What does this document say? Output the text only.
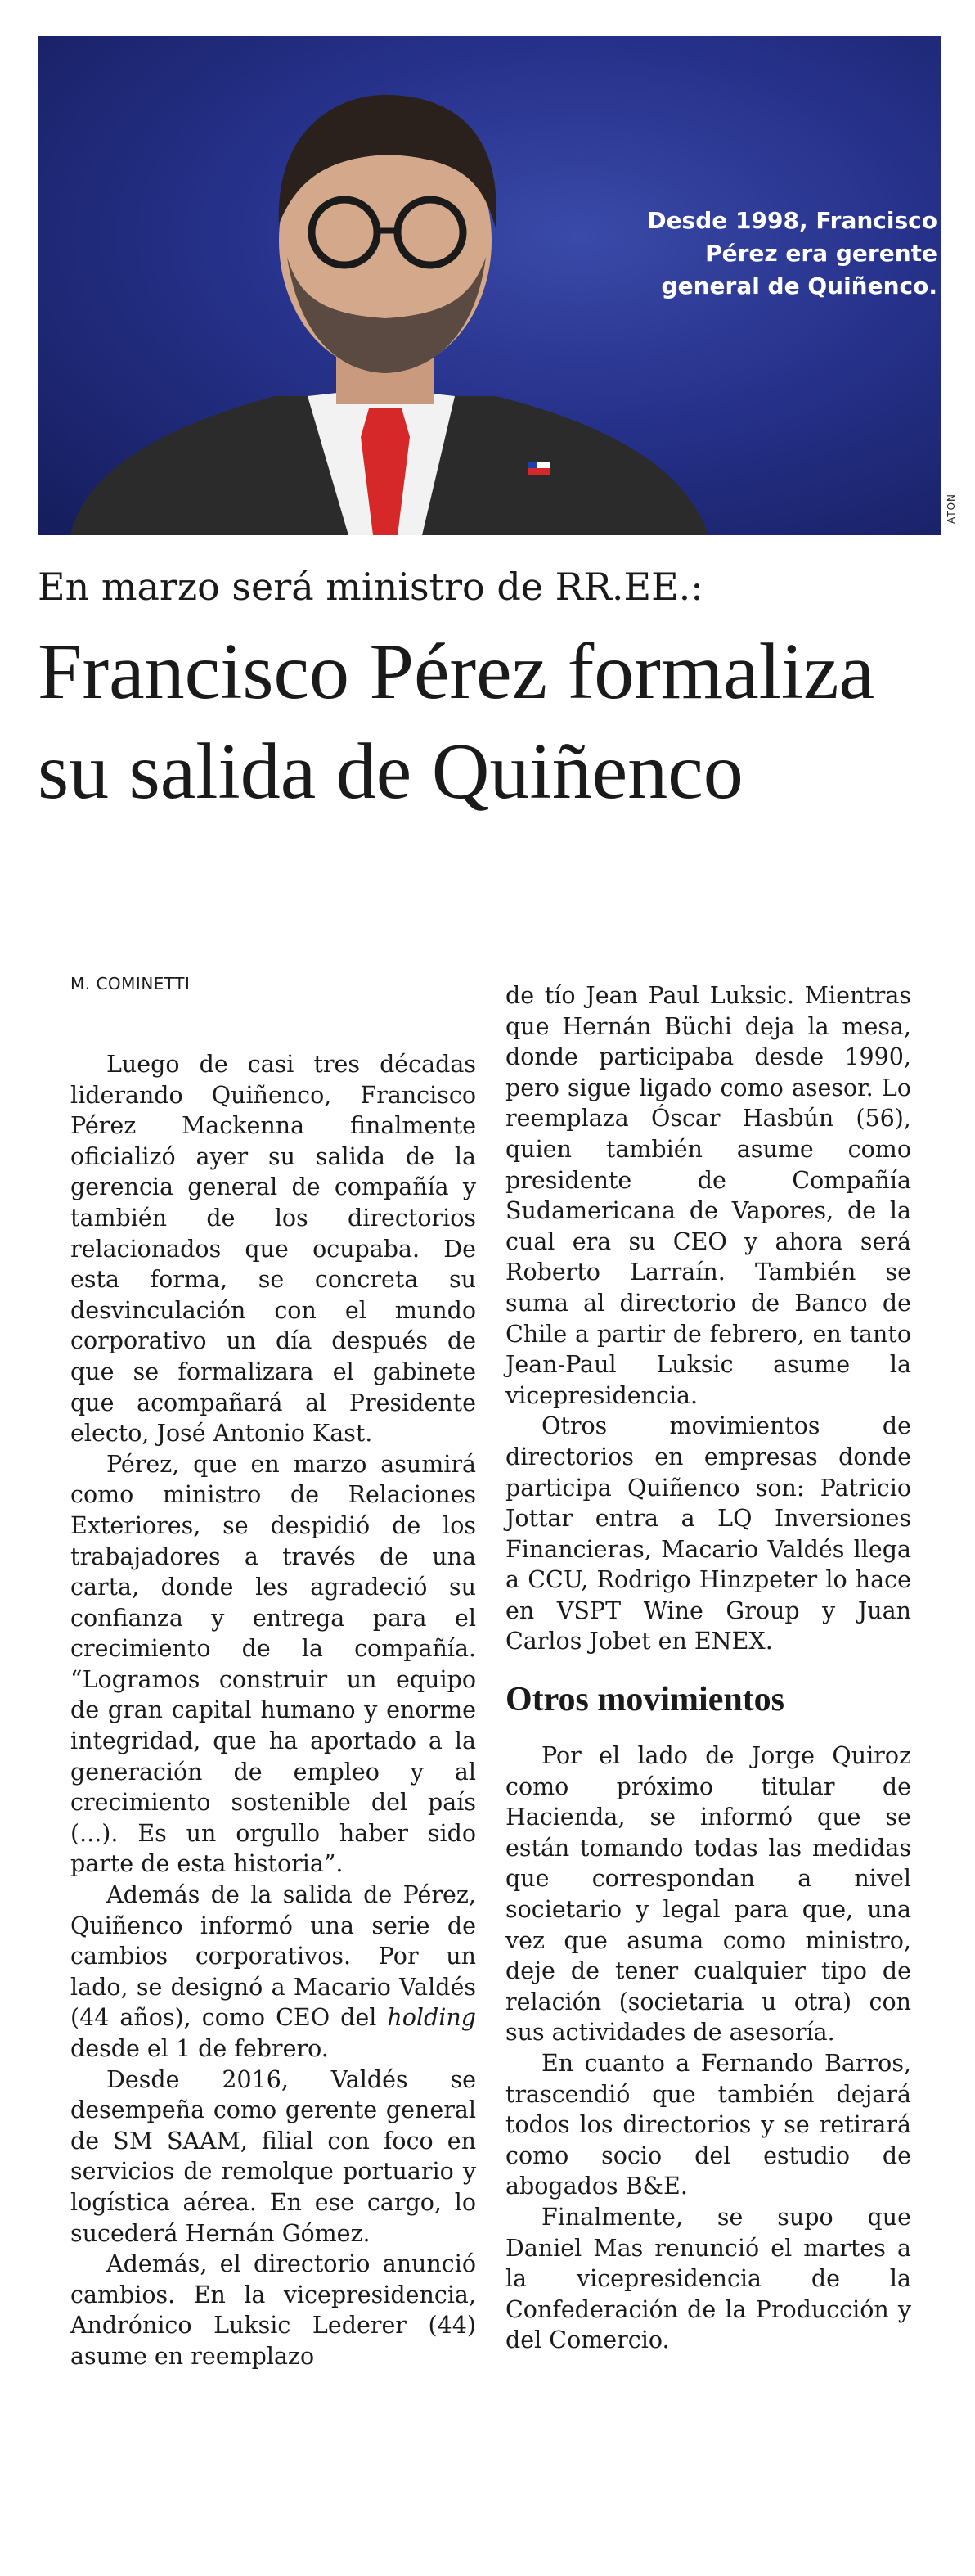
Desde 1998, Francisco Pérez era gerente general de Quiñenco.
ATON
En marzo será ministro de RR.EE.:
Francisco Pérez formaliza su salida de Quiñenco
M. COMINETTI

Luego de casi tres décadas liderando Quiñenco, Francisco Pérez Mackenna finalmente oficializó ayer su salida de la gerencia general de compañía y también de los directorios relacionados que ocupaba. De esta forma, se concreta su desvinculación con el mundo corporativo un día después de que se formalizara el gabinete que acompañará al Presidente electo, José Antonio Kast.

Pérez, que en marzo asumirá como ministro de Relaciones Exteriores, se despidió de los trabajadores a través de una carta, donde les agradeció su confianza y entrega para el crecimiento de la compañía. “Logramos construir un equipo de gran capital humano y enorme integridad, que ha aportado a la generación de empleo y al crecimiento sostenible del país (...). Es un orgullo haber sido parte de esta historia”.

Además de la salida de Pérez, Quiñenco informó una serie de cambios corporativos. Por un lado, se designó a Macario Valdés (44 años), como CEO del holding desde el 1 de febrero.

Desde 2016, Valdés se desempeña como gerente general de SM SAAM, filial con foco en servicios de remolque portuario y logística aérea. En ese cargo, lo sucederá Hernán Gómez.

Además, el directorio anunció cambios. En la vicepresidencia, Andrónico Luksic Lederer (44) asume en reemplazo

de tío Jean Paul Luksic. Mientras que Hernán Büchi deja la mesa, donde participaba desde 1990, pero sigue ligado como asesor. Lo reemplaza Óscar Hasbún (56), quien también asume como presidente de Compañía Sudamericana de Vapores, de la cual era su CEO y ahora será Roberto Larraín. También se suma al directorio de Banco de Chile a partir de febrero, en tanto Jean-Paul Luksic asume la vicepresidencia.

Otros movimientos de directorios en empresas donde participa Quiñenco son: Patricio Jottar entra a LQ Inversiones Financieras, Macario Valdés llega a CCU, Rodrigo Hinzpeter lo hace en VSPT Wine Group y Juan Carlos Jobet en ENEX.

Otros movimientos

Por el lado de Jorge Quiroz como próximo titular de Hacienda, se informó que se están tomando todas las medidas que correspondan a nivel societario y legal para que, una vez que asuma como ministro, deje de tener cualquier tipo de relación (societaria u otra) con sus actividades de asesoría.

En cuanto a Fernando Barros, trascendió que también dejará todos los directorios y se retirará como socio del estudio de abogados B&E.

Finalmente, se supo que Daniel Mas renunció el martes a la vicepresidencia de la Confederación de la Producción y del Comercio.
